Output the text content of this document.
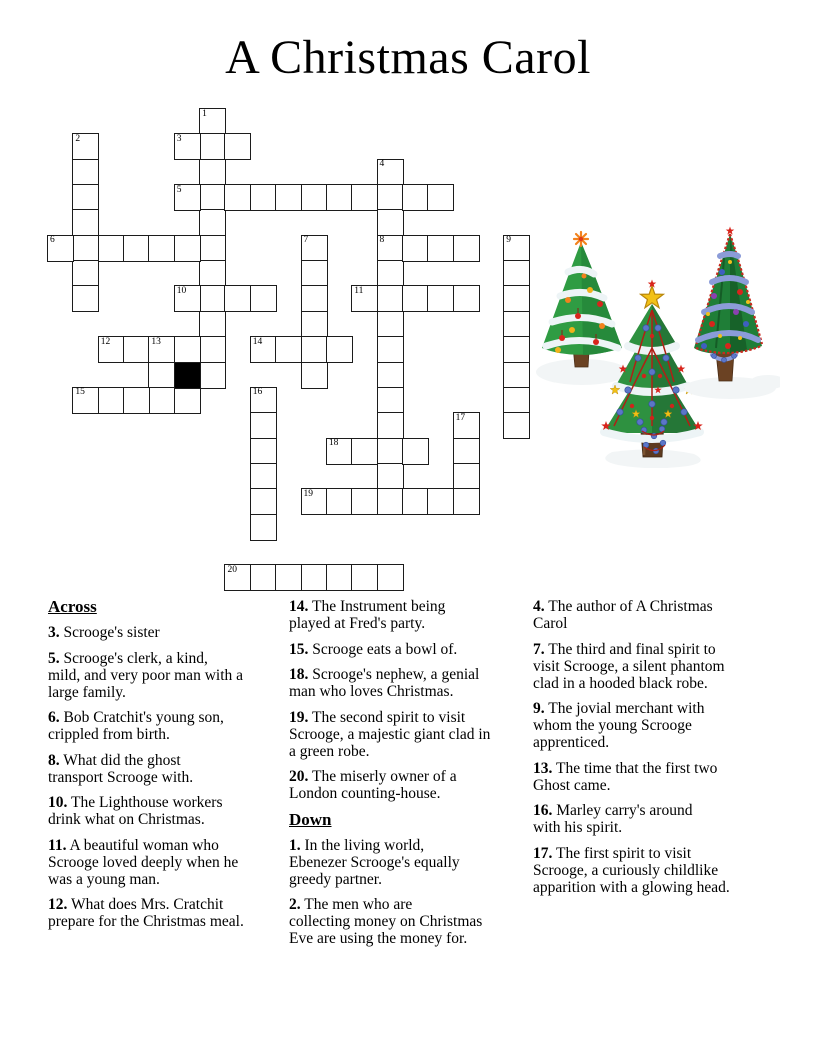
A Christmas Carol
1
2	3
4
8
5
6	7	9
10	11
12	13	14
15	16
17
18
19
20
Across

3. Scrooge's sister

5. Scrooge's clerk, a kind,
mild, and very poor man with a
large family.

6. Bob Cratchit's young son,
crippled from birth.

8. What did the ghost
transport Scrooge with.

10. The Lighthouse workers
drink what on Christmas.

11. A beautiful woman who
Scrooge loved deeply when he
was a young man.

12. What does Mrs. Cratchit
prepare for the Christmas meal.

14. The Instrument being
played at Fred's party.

15. Scrooge eats a bowl of.

18. Scrooge's nephew, a genial
man who loves Christmas.

19. The second spirit to visit
Scrooge, a majestic giant clad in
a green robe.

20. The miserly owner of a
London counting-house.

Down

1. In the living world,
Ebenezer Scrooge's equally
greedy partner.

2. The men who are
collecting money on Christmas
Eve are using the money for.

4. The author of A Christmas
Carol

7. The third and final spirit to
visit Scrooge, a silent phantom
clad in a hooded black robe.

9. The jovial merchant with
whom the young Scrooge
apprenticed.

13. The time that the first two
Ghost came.

16. Marley carry's around
with his spirit.

17. The first spirit to visit
Scrooge, a curiously childlike
apparition with a glowing head.
